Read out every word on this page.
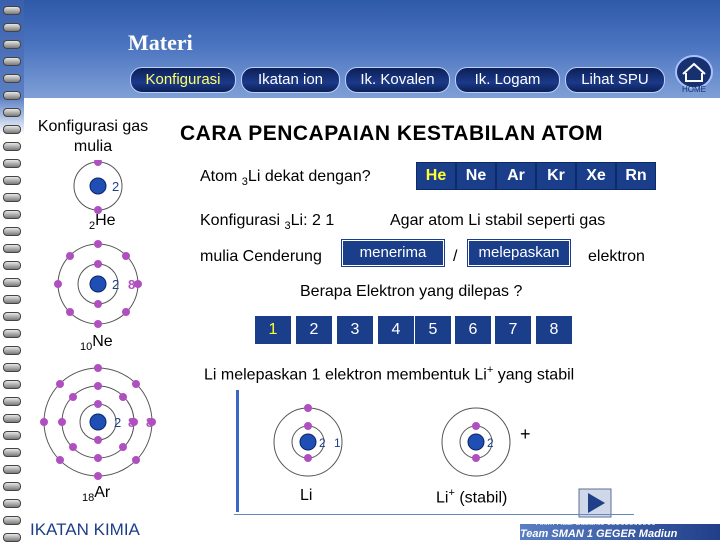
Materi
Konfigurasi	Ikatan ion	Ik. Kovalen	Ik. Logam	Lihat SPU
HOME
Konfigurasi gas mulia
2
$_2$He
2 8
$_{10}$Ne
2 8 8
$_{18}$Ar
CARA PENCAPAIAN KESTABILAN ATOM
Atom $_3$Li dekat dengan?	He	Ne	Ar	Kr	Xe	Rn
Konfigurasi $_3$Li: 2 1	Agar atom Li stabil seperti gas
mulia Cenderung	menerima	/	melepaskan	elektron
Berapa Elektron yang dilepas ?
1	2	3	4	5	6	7	8
Li melepaskan 1 elektron membentuk Li+ yang stabil
2 1
Li
2 +
Li+ (stabil)
IKATAN KIMIA	Anim Hadi Susanto 08563569000
Team SMAN 1 GEGER Madiun
